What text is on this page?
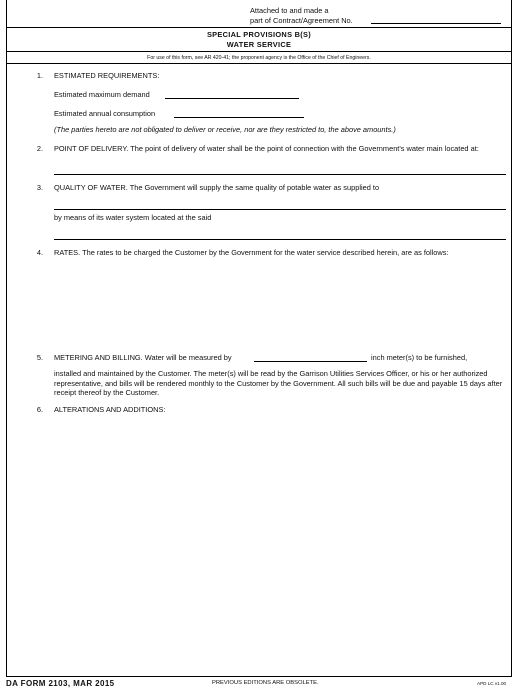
Attached to and made a
part of Contract/Agreement No.
SPECIAL PROVISIONS B(S)
WATER SERVICE
For use of this form, see AR 420-41; the proponent agency is the Office of the Chief of Engineers.
1. ESTIMATED REQUIREMENTS:
Estimated maximum demand
Estimated annual consumption
(The parties hereto are not obligated to deliver or receive, nor are they restricted to, the above amounts.)
2. POINT OF DELIVERY. The point of delivery of water shall be the point of connection with the Government's water main located at:
3. QUALITY OF WATER. The Government will supply the same quality of potable water as supplied to
by means of its water system located at the said
4. RATES. The rates to be charged the Customer by the Government for the water service described herein, are as follows:
5. METERING AND BILLING. Water will be measured by	inch meter(s) to be furnished,
installed and maintained by the Customer. The meter(s) will be read by the Garrison Utilities Services Officer, or his or her authorized representative, and bills will be rendered monthly to the Customer by the Government. All such bills will be due and payable 15 days after receipt thereof by the Customer.
6. ALTERATIONS AND ADDITIONS:
DA FORM 2103, MAR 2015	PREVIOUS EDITIONS ARE OBSOLETE.	APD LC v1.00
